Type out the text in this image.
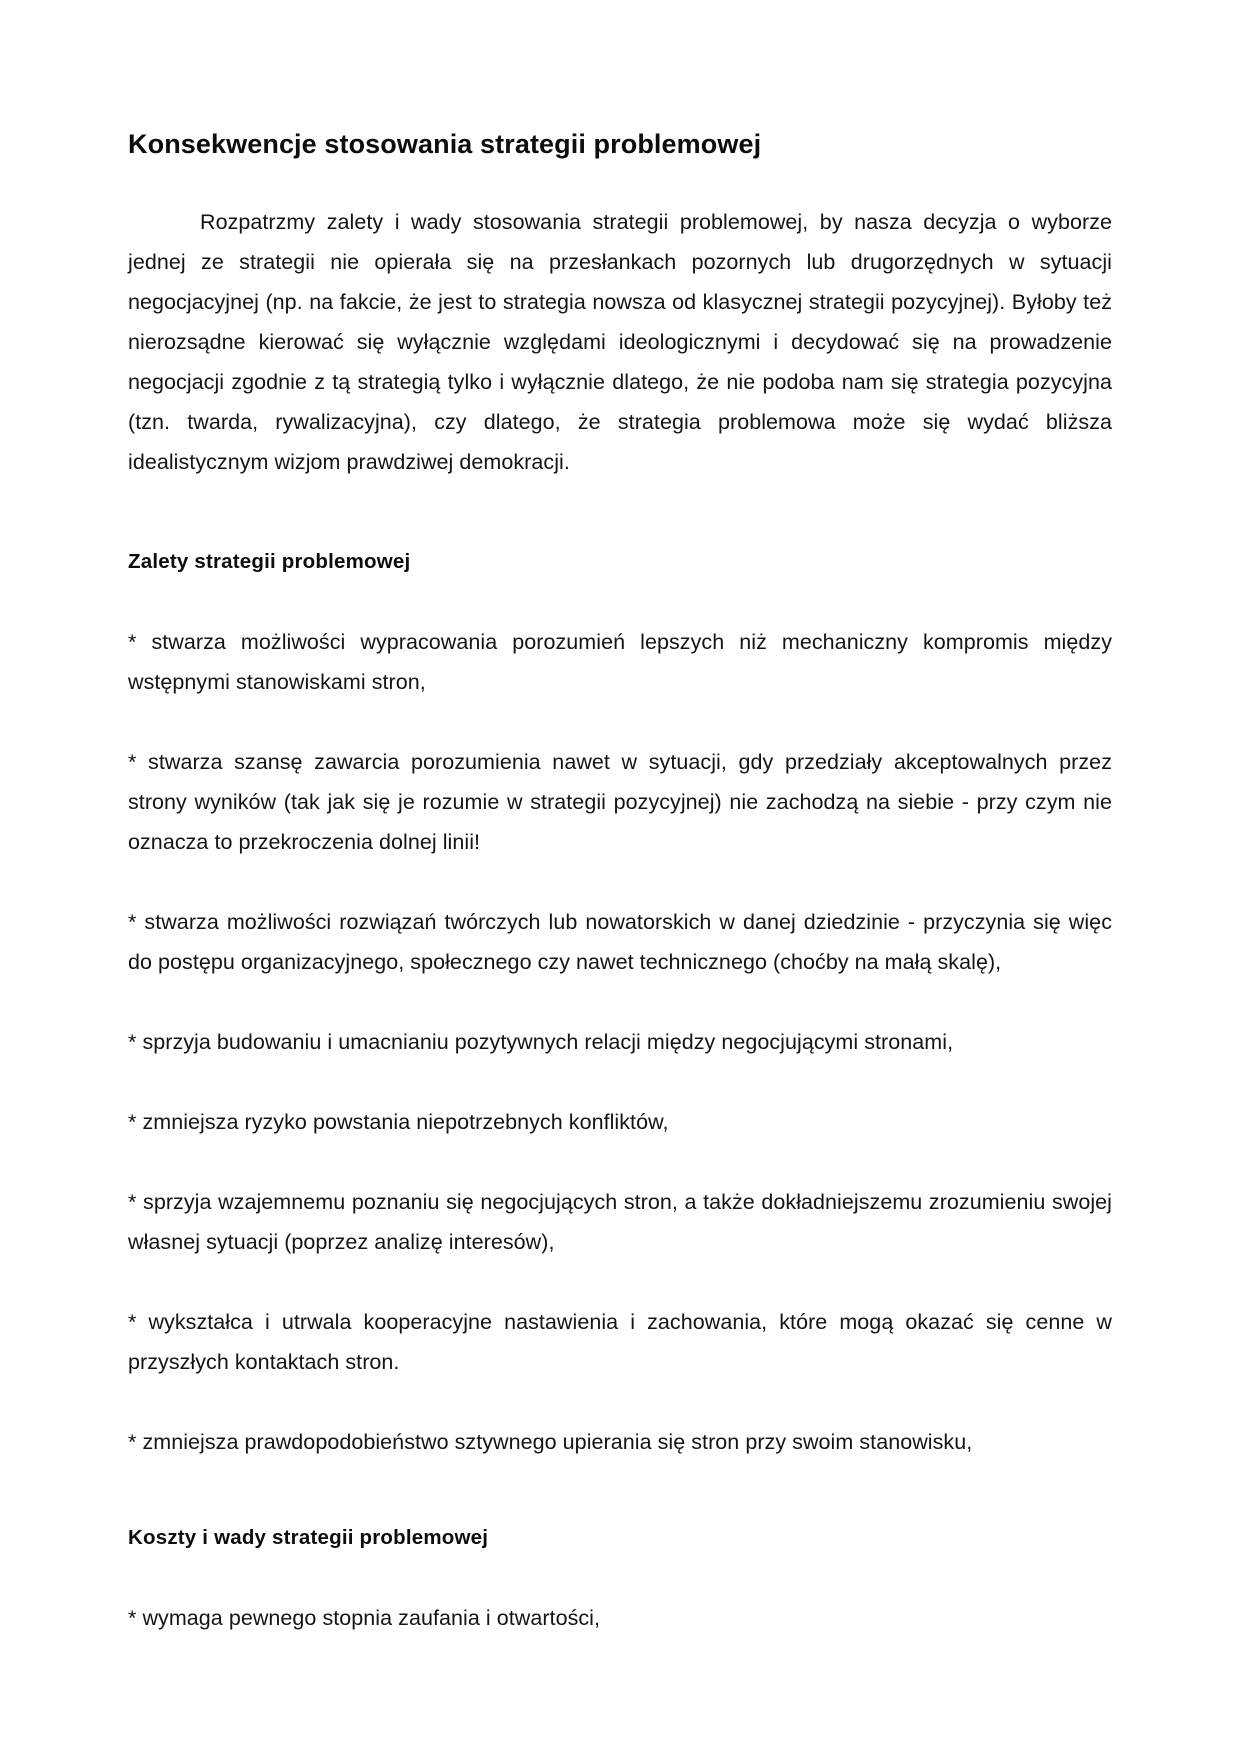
Konsekwencje stosowania strategii problemowej

Rozpatrzmy zalety i wady stosowania strategii problemowej, by nasza decyzja o wyborze jednej ze strategii nie opierała się na przesłankach pozornych lub drugorzędnych w sytuacji negocjacyjnej (np. na fakcie, że jest to strategia nowsza od klasycznej strategii pozycyjnej). Byłoby też nierozsądne kierować się wyłącznie względami ideologicznymi i decydować się na prowadzenie negocjacji zgodnie z tą strategią tylko i wyłącznie dlatego, że nie podoba nam się strategia pozycyjna (tzn. twarda, rywalizacyjna), czy dlatego, że strategia problemowa może się wydać bliższa idealistycznym wizjom prawdziwej demokracji.

Zalety strategii problemowej

* stwarza możliwości wypracowania porozumień lepszych niż mechaniczny kompromis między wstępnymi stanowiskami stron,

* stwarza szansę zawarcia porozumienia nawet w sytuacji, gdy przedziały akceptowalnych przez strony wyników (tak jak się je rozumie w strategii pozycyjnej) nie zachodzą na siebie - przy czym nie oznacza to przekroczenia dolnej linii!

* stwarza możliwości rozwiązań twórczych lub nowatorskich w danej dziedzinie - przyczynia się więc do postępu organizacyjnego, społecznego czy nawet technicznego (choćby na małą skalę),

* sprzyja budowaniu i umacnianiu pozytywnych relacji między negocjującymi stronami,

* zmniejsza ryzyko powstania niepotrzebnych konfliktów,

* sprzyja wzajemnemu poznaniu się negocjujących stron, a także dokładniejszemu zrozumieniu swojej własnej sytuacji (poprzez analizę interesów),

* wykształca i utrwala kooperacyjne nastawienia i zachowania, które mogą okazać się cenne w przyszłych kontaktach stron.

* zmniejsza prawdopodobieństwo sztywnego upierania się stron przy swoim stanowisku,

Koszty i wady strategii problemowej

* wymaga pewnego stopnia zaufania i otwartości,
